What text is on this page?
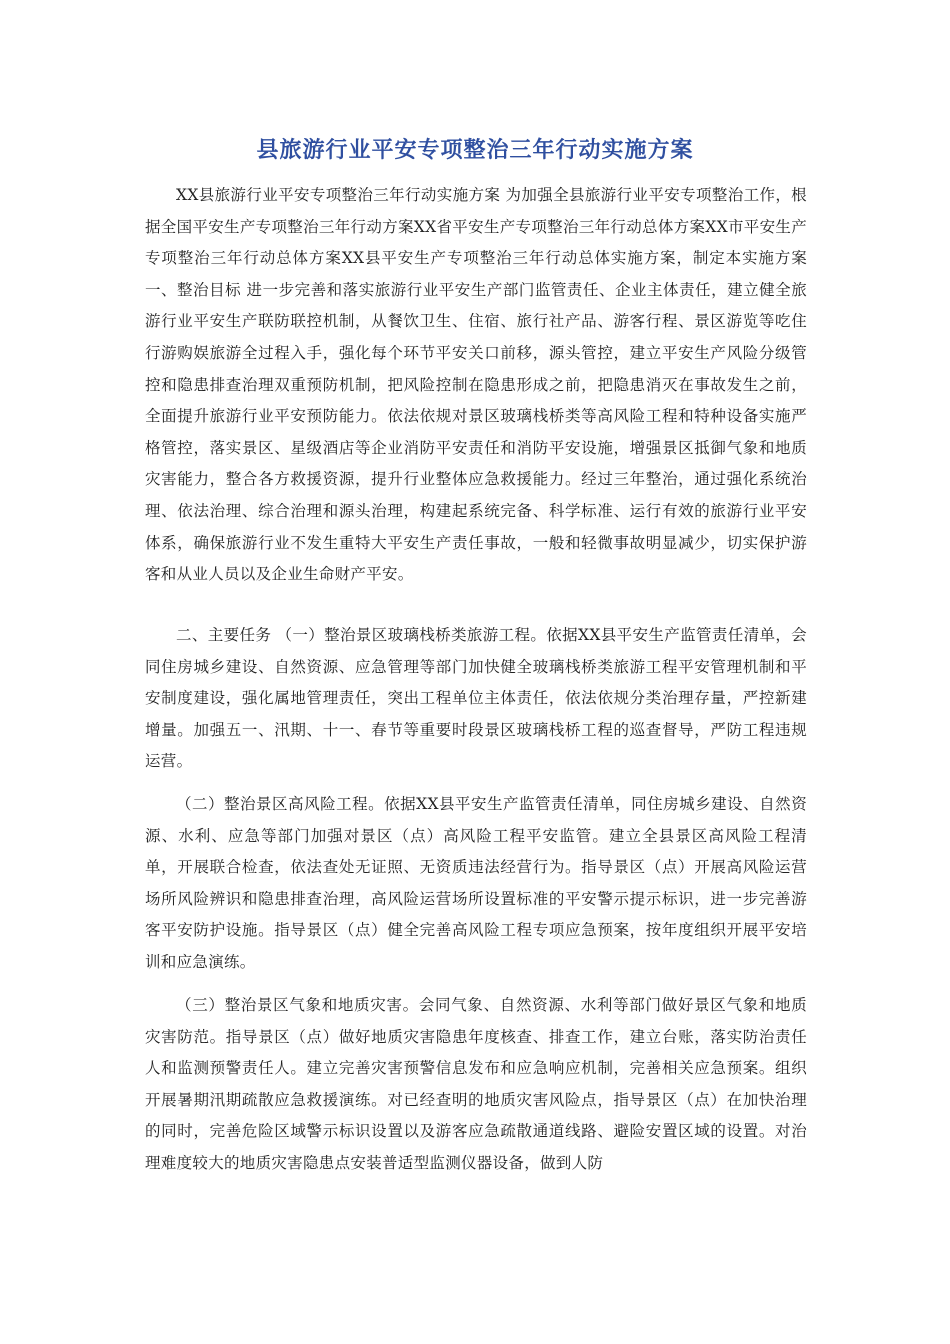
县旅游行业平安专项整治三年行动实施方案

XX县旅游行业平安专项整治三年行动实施方案 为加强全县旅游行业平安专项整治工作，根据全国平安生产专项整治三年行动方案XX省平安生产专项整治三年行动总体方案XX市平安生产专项整治三年行动总体方案XX县平安生产专项整治三年行动总体实施方案，制定本实施方案 一、整治目标 进一步完善和落实旅游行业平安生产部门监管责任、企业主体责任，建立健全旅游行业平安生产联防联控机制，从餐饮卫生、住宿、旅行社产品、游客行程、景区游览等吃住行游购娱旅游全过程入手，强化每个环节平安关口前移，源头管控，建立平安生产风险分级管控和隐患排查治理双重预防机制，把风险控制在隐患形成之前，把隐患消灭在事故发生之前，全面提升旅游行业平安预防能力。依法依规对景区玻璃栈桥类等高风险工程和特种设备实施严格管控，落实景区、星级酒店等企业消防平安责任和消防平安设施，增强景区抵御气象和地质灾害能力，整合各方救援资源，提升行业整体应急救援能力。经过三年整治，通过强化系统治理、依法治理、综合治理和源头治理，构建起系统完备、科学标准、运行有效的旅游行业平安体系，确保旅游行业不发生重特大平安生产责任事故，一般和轻微事故明显减少，切实保护游客和从业人员以及企业生命财产平安。

二、主要任务 （一）整治景区玻璃栈桥类旅游工程。依据XX县平安生产监管责任清单，会同住房城乡建设、自然资源、应急管理等部门加快健全玻璃栈桥类旅游工程平安管理机制和平安制度建设，强化属地管理责任，突出工程单位主体责任，依法依规分类治理存量，严控新建增量。加强五一、汛期、十一、春节等重要时段景区玻璃栈桥工程的巡查督导，严防工程违规运营。

（二）整治景区高风险工程。依据XX县平安生产监管责任清单，同住房城乡建设、自然资源、水利、应急等部门加强对景区（点）高风险工程平安监管。建立全县景区高风险工程清单，开展联合检查，依法查处无证照、无资质违法经营行为。指导景区（点）开展高风险运营场所风险辨识和隐患排查治理，高风险运营场所设置标准的平安警示提示标识，进一步完善游客平安防护设施。指导景区（点）健全完善高风险工程专项应急预案，按年度组织开展平安培训和应急演练。

（三）整治景区气象和地质灾害。会同气象、自然资源、水利等部门做好景区气象和地质灾害防范。指导景区（点）做好地质灾害隐患年度核查、排查工作，建立台账，落实防治责任人和监测预警责任人。建立完善灾害预警信息发布和应急响应机制，完善相关应急预案。组织开展暑期汛期疏散应急救援演练。对已经查明的地质灾害风险点，指导景区（点）在加快治理的同时，完善危险区域警示标识设置以及游客应急疏散通道线路、避险安置区域的设置。对治理难度较大的地质灾害隐患点安装普适型监测仪器设备，做到人防
